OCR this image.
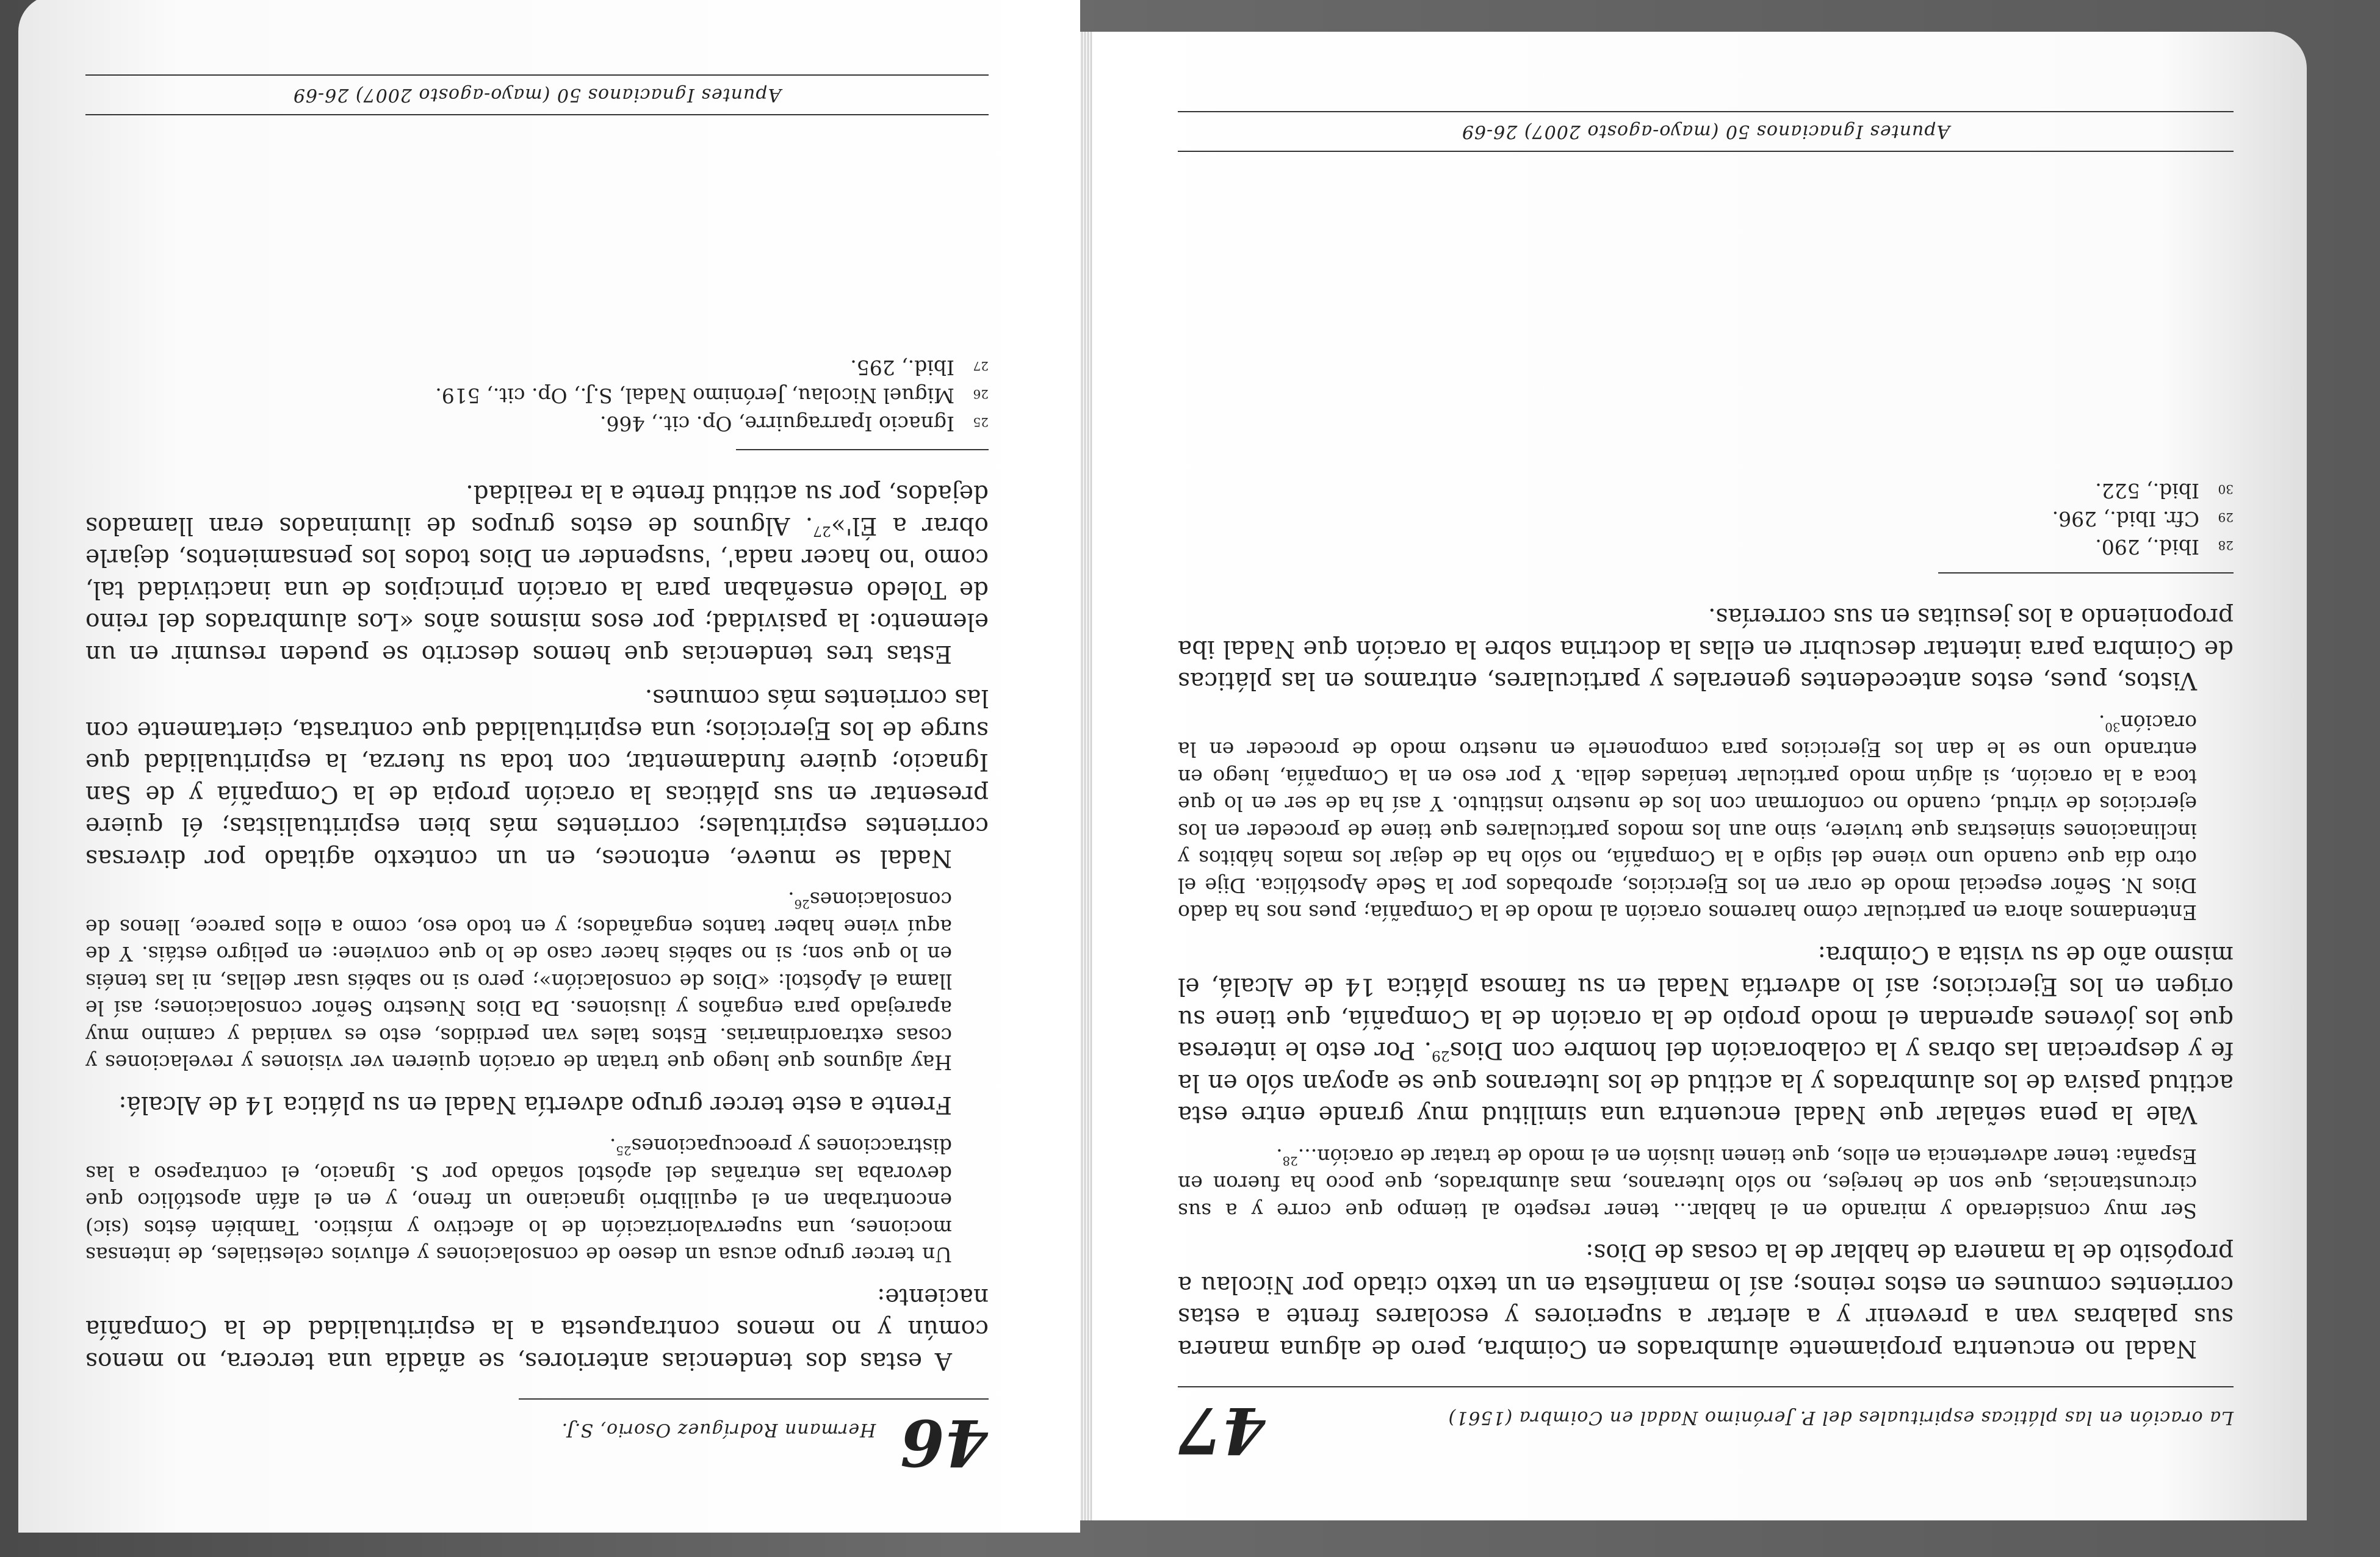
46
Hermann Rodríguez Osorio, S.J.

A estas dos tendencias anteriores, se añadía una tercera, no menos común y no menos contrapuesta a la espiritualidad de la Compañía naciente:

Un tercer grupo acusa un deseo de consolaciones y efluvios celestiales, de intensas mociones, una supervalorización de lo afectivo y místico. También éstos (sic) encontraban en el equilibrio ignaciano un freno, y en el afán apostólico que devoraba las entrañas del apóstol soñado por S. Ignacio, el contrapeso a las distracciones y preocupaciones$^{25}$.

Frente a este tercer grupo advertía Nadal en su plática 14 de Alcalá:

Hay algunos que luego que tratan de oración quieren ver visiones y revelaciones y cosas extraordinarias. Estos tales van perdidos, esto es vanidad y camino muy aparejado para engaños y ilusiones. Da Dios Nuestro Señor consolaciones; así le llama el Apóstol: «Dios de consolación»; pero si no sabéis usar dellas, ni las tenéis en lo que son; si no sabéis hacer caso de lo que conviene: en peligro estáis. Y de aquí viene haber tantos engañados; y en todo eso, como a ellos parece, llenos de consolaciones$^{26}$.

Nadal se mueve, entonces, en un contexto agitado por diversas corrientes espirituales; corrientes más bien espiritualistas; él quiere presentar en sus pláticas la oración propia de la Compañía y de San Ignacio; quiere fundamentar, con toda su fuerza, la espiritualidad que surge de los Ejercicios; una espiritualidad que contrasta, ciertamente con las corrientes más comunes.

Estas tres tendencias que hemos descrito se pueden resumir en un elemento: la pasividad; por esos mismos años «Los alumbrados del reino de Toledo enseñaban para la oración principios de una inactividad tal, como 'no hacer nada', 'suspender en Dios todos los pensamientos, dejarle obrar a Él'»$^{27}$. Algunos de estos grupos de iluminados eran llamados dejados, por su actitud frente a la realidad.

25
Ignacio Iparraguirre, Op. cit., 466.
26
Miguel Nicolau, Jerónimo Nadal, S.J., Op. cit., 519.
27
Ibid., 295.
Apuntes Ignacianos 50 (mayo-agosto 2007) 26-69
47	La oración en las pláticas espirituales del P. Jerónimo Nadal en Coimbra (1561)

Nadal no encuentra propiamente alumbrados en Coimbra, pero de alguna manera sus palabras van a prevenir y a alertar a superiores y escolares frente a estas corrientes comunes en estos reinos; así lo manifiesta en un texto citado por Nicolau a propósito de la manera de hablar de la cosas de Dios:

Ser muy considerado y mirando en el hablar... tener respeto al tiempo que corre y a sus circunstancias, que son de herejes, no sólo luteranos, mas alumbrados, que poco ha fueron en España: tener advertencia en ellos, que tienen ilusión en el modo de tratar de oración...$^{28}$.

Vale la pena señalar que Nadal encuentra una similitud muy grande entre esta actitud pasiva de los alumbrados y la actitud de los luteranos que se apoyan sólo en la fe y desprecian las obras y la colaboración del hombre con Dios$^{29}$. Por esto le interesa que los jóvenes aprendan el modo propio de la oración de la Compañía, que tiene su origen en los Ejercicios; así lo advertía Nadal en su famosa plática 14 de Alcalá, el mismo año de su visita a Coimbra:

Entendamos ahora en particular cómo haremos oración al modo de la Compañía; pues nos ha dado Dios N. Señor especial modo de orar en los Ejercicios, aprobados por la Sede Apostólica. Dije el otro día que cuando uno viene del siglo a la Compañía, no sólo ha de dejar los malos hábitos y inclinaciones siniestras que tuviere, sino aun los modos particulares que tiene de proceder en los ejercicios de virtud, cuando no conforman con los de nuestro instituto. Y así ha de ser en lo que toca a la oración, si algún modo particular teníades della. Y por eso en la Compañía, luego en entrando uno se le dan los Ejercicios para componerle en nuestro modo de proceder en la oración$^{30}$.

Vistos, pues, estos antecedentes generales y particulares, entramos en las pláticas de Coimbra para intentar descubrir en ellas la doctrina sobre la oración que Nadal iba proponiendo a los jesuitas en sus correrías.

28
Ibid., 290.
29
Cfr. Ibid., 296.
30
Ibid., 522.
Apuntes Ignacianos 50 (mayo-agosto 2007) 26-69
